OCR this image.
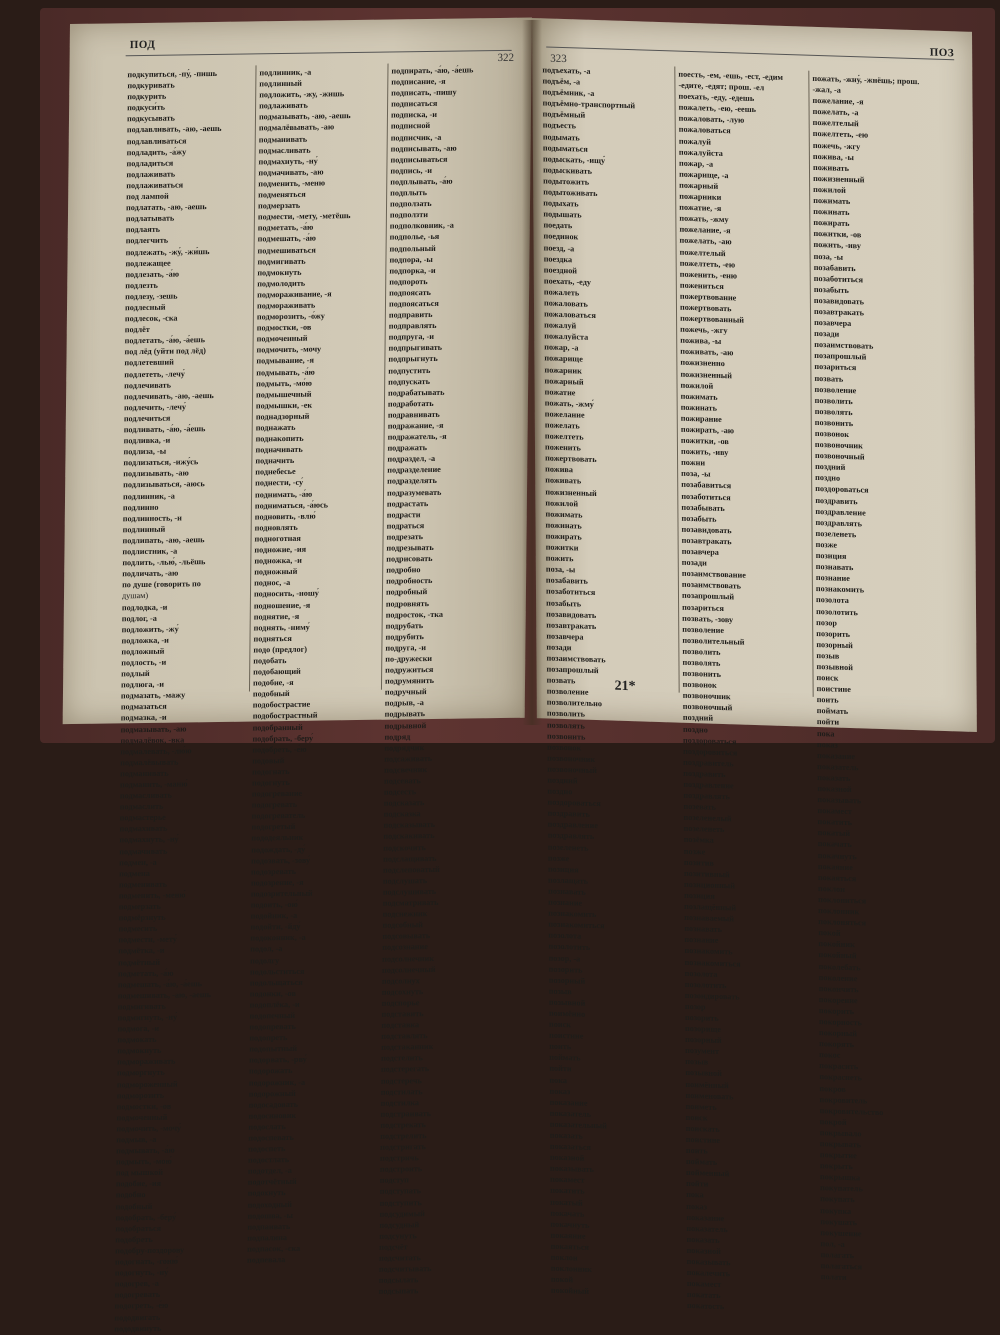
ПОД
322
подкупиться, -пу́, -пишь
подкуривать
подкурить
подкуси́ть
подкусывать
подлавливать, -аю, -аешь
подлавливаться
подладить, -а́жу
подладиться
подлаживать
подлаживаться
под лампой
подлатать, -аю, -аешь
подлатывать
подлаять
подлегчить
подлежать, -жу́, -жи́шь
подлежащее
подлезать, -а́ю
подлезть
подлезу, -зешь
подлесный
подлесок, -ска
подлёт
подлетать, -а́ю, -а́ешь
под лёд (уйти под лёд)
подлетевший
подлететь, -лечу́
подлечивать
подлечивать, -аю, -аешь
подлечить, -лечу́
подлечиться
подливать, -а́ю, -а́ешь
подливка, -и
подлиза, -ы
подлизаться, -ижу́сь
подлизывать, -аю
подлизываться, -аюсь
подлинник, -а
подлинно
подлинность, -и
подлинный
подлипать, -аю, -аешь
подлистник, -а
подлить, -лью́, -льёшь
подличать, -аю
по душе (говорить по
душам)
подлодка, -и
подлог, -а
подложить, -жу́
подложка, -и
подложный
подлость, -и
подлый
подлюга, -и
подмазать, -мажу
подмазаться
подмазка, -и
подмазывать, -аю
подмалёвок, -вка
подмалевать, -лю́ю
подмалёвывать
подманивать
подманить, -маню́
подмасливать
подмаслить
подмастерье
подмахивать
подмахнуть, -ну́
подмачивать
подмен, -а
подмена
подменивать
подменить, -меню́
подмерзать
подмёрзнуть
подмесить
подмести, -мету́
подмётка, -и
подмётный
подметать, -а́ю
подмешать, -а́ю, -а́ешь
подмешивать, -аю, -аешь
подмигивать
подмигнуть, -ну́
подмога, -и
подмокать
подмокнуть
подмораживать
подморгнуть
подмороженный
подморозить
подмостки, -ов
подмоченный
подмочить, -мочу́
подмыв, -а
подмывать, -а́ю
подмыть, -мою́
под мышкой
подобие, -ия
подобно
подобный
подобрать, -беру́
подобраться
подобреть
подобру-поздорову
подогнать, -гоню́
подогнуть, -ну́
подогрев, -а
подогревать
подогреть, -е́ю
пододвигать
пододвинуть
подлинник, -а
подлинный
подложить, -жу, -жишь
подлаживать
подмазывать, -аю, -аешь
подмалёвывать, -аю
подманивать
подмасливать
подмахнуть, -ну́
подмачивать, -аю
подменить, -меню
подменяться
подмерзать
подмести, -мету, -метёшь
подметать, -а́ю
подмешать, -а́ю
подмешиваться
подмигивать
подмокнуть
подмолодить
подмораживание, -я
подмораживать
подморозить, -о́жу
подмостки, -ов
подмоченный
подмочить, -мочу
подмывание, -я
подмывать, -а́ю
подмыть, -мо́ю
подмышечный
подмышки, -ек
поднадзорный
поднажать
поднакопить
подначивать
подначить
поднебесье
поднести, -су́
поднимать, -а́ю
подниматься, -а́юсь
подновить, -влю́
подновлять
подноготная
подножие, -ия
подножка, -и
подножный
поднос, -а
подносить, -ношу́
подношение, -я
поднятие, -я
поднять, -ниму́
подняться
подо (предлог)
подобать
подобающий
подобие, -я
подобный
подобострастие
подобострастный
подобранный
подобрать, -беру́
подобреть, -е́ю
подовый
подогнать
подогнуть
подогревание
подогревать
подогреватель
подогретый
пододеяльник
подождать, -ду́
подозвать, -зову́
подозревать
подозрение, -я
подозрительный
подоить, -ою́
подойник, -а
подойти, -йду́
подоконник, -а
подол, -а
подолгу
подольститься
подольщаться
подонки, -ов
подоплёка, -и
подопечный
подопревать
подопреть
подопытный
подорвать, -рву́
подорожать
подорожник, -а
подорожный
подосадовать
подосиновик
подослать
подоспевать
подоспеть
подостлать
подотдел, -а
подотчётный
подохнуть
подоходный
подошва, -ы
подпаивать
подпалина
подпасок, -ска
подпевала
подпирать, -а́ю, -а́ешь
подписание, -я
подписать, -пишу
подписаться
подписка, -и
подписной
подписчик, -а
подписывать, -аю
подписываться
подпись, -и
подплывать, -а́ю
подплыть
подползать
подползти
подполковник, -а
подполье, -ья
подпольный
подпора, -ы
подпорка, -и
подпороть
подпоясать
подпоясаться
подправить
подправлять
подпруга, -и
подпрыгивать
подпрыгнуть
подпустить
подпускать
подрабатывать
подработать
подравнивать
подражание, -я
подражатель, -я
подражать
подраздел, -а
подразделение
подразделять
подразумевать
подрастать
подрасти
подраться
подрезать
подрезывать
подрисовать
подробно
подробность
подробный
подровнять
подросток, -тка
подрубать
подрубить
подруга, -и
по-дружески
подружиться
подрумянить
подручный
подрыв, -а
подрывать
подрывной
подряд
подрядчик
подсаживать
подсвечник
подсевать
подсесть
подсказать
подсказка
подсказывать
подскакивать
подскочить
подслащивать
подслеповатый
подслушать
подслушивать
подсматривать
подснежник
подсобный
подсовывать
подсознание
подсолнечник
подсолнечный
подсолнух
подсохнуть
подспорье
подставить
подставка
подставлять
подстаканник
подстелить
подстерегать
подстеречь
подстилать
подстилка
подстраивать
подстрекать
подстрелить
подстригать
подстричь
подстроить
подступ
подступать
подступить
подсудимый
подсудный
подсунуть
подсчёт
подсчитать
подсчитывать
подсылать
подсыпать
ПОЗ
323
подъехать, -а
подъём, -а
подъёмник, -а
подъёмно-транспортный
подъёмный
подъесть
подымать
подыматься
подыскать, -ищу́
подыскивать
подытожить
подытоживать
подыхать
подышать
поедать
поединок
поезд, -а
поездка
поездной
поехать, -еду
пожалеть
пожаловать
пожаловаться
пожалуй
пожалуйста
пожар, -а
пожарище
пожарник
пожарный
пожатие
пожать, -жму́
пожелание
пожелать
пожелтеть
поженить
пожертвовать
пожива
поживать
пожизненный
пожилой
пожимать
пожинать
пожирать
пожитки
пожить
поза, -ы
позабавить
позаботиться
позабыть
позавидовать
позавтракать
позавчера
позади
позаимствовать
позапрошлый
позвать
позволение
позволительно
позволить
позволять
позвонить
позвонок
позвоночник
позвоночный
поздний
поздно
поздороваться
поздравить
поздравление
поздравлять
позеленеть
позже
позиция
позлащать
познавать
познание
познакомить
познакомиться
позолота
позолотить
позор, -а
позорить
позорный
позыв
позывной
поимённо
поиск
поистине
поить
поймать
пойти
пока
показ
показание
показатель
показательный
показать
показаться
показной
показывать
покамест
покатить
покатый
покачать
покачнуть
покаяние
покаяться
поклон
поклонник
покой
покойный
поесть, -ем, -ешь, -ест, -едим
-едите, -едят; прош. -ел
поехать, -еду, -едешь
пожалеть, -ею, -еешь
пожаловать, -лую
пожаловаться
пожалуй
пожалуйста
пожар, -а
пожарище, -а
пожарный
пожарники
пожатие, -я
пожать, -жму
пожелание, -я
пожелать, -аю
пожелтелый
пожелтеть, -ею
поженить, -еню
пожениться
пожертвование
пожертвовать
пожертвованный
пожечь, -жгу
пожива, -ы
поживать, -аю
пожизненно
пожизненный
пожилой
пожимать
пожинать
пожирание
пожирать, -аю
пожитки, -ов
пожить, -иву
пожни
поза, -ы
позабавиться
позаботиться
позабывать
позабыть
позавидовать
позавтракать
позавчера
позади
позаимствование
позаимствовать
позапрошлый
позариться
позвать, -зову
позволение
позволительный
позволить
позволять
позвонить
позвонок
позвоночник
позвоночный
поздний
поздно
поздороваться
поздоровиться
поздравитель
поздравить
поздравление
поздравлять
позевать
позеленелый
позеленеть
позёмка
позже
позитив
позитивный
позиционный
позиция
позлащённый
познаваемый
познавать
познание
познакомить
познакомиться
позолота
позолотить
позондировать
позор
позорить
позорище
позорный
позумент
позыв
позывной
поимённый
поименовать
поиметь
поиск
поискать
поистине
поить
поймать
пойменный
пойти
пока
показ
показание
показатель
показать
показной
показывать
покалечить
покамест
покатать
покатость
пожать, -жну́, -жнёшь; прош.
-жал, -а
пожелание, -я
пожелать, -а
пожелтелый
пожелтеть, -ею
пожечь, -жгу
пожива, -ы
поживать
пожизненный
пожилой
пожимать
пожинать
пожирать
пожитки, -ов
пожить, -иву
поза, -ы
позабавить
позаботиться
позабыть
позавидовать
позавтракать
позавчера
позади
позаимствовать
позапрошлый
позариться
позвать
позволение
позволить
позволять
позвонить
позвонок
позвоночник
позвоночный
поздний
поздно
поздороваться
поздравить
поздравление
поздравлять
позеленеть
позже
позиция
познавать
познание
познакомить
позолота
позолотить
позор
позорить
позорный
позыв
позывной
поиск
поистине
поить
поймать
пойти
пока
показ
показание
показатель
показать
показной
показывать
покамест
покатить
покатый
покачать
покачнуть
покаяние
покаяться
поклон
поклониться
поклонник
поклоняться
покой
покойник
покойный
поколебать
поколение
покончить
покорение
покорить
покорность
покорный
покорять
покос
покрасить
покраснеть
покров
покровитель
покровительство
покрой
покрывало
покрывать
покрытие
покрыть
покрышка
покупатель
покупать
покупка
покушать
покушение
пол, -а
полагать
полагаться
полати
21*
